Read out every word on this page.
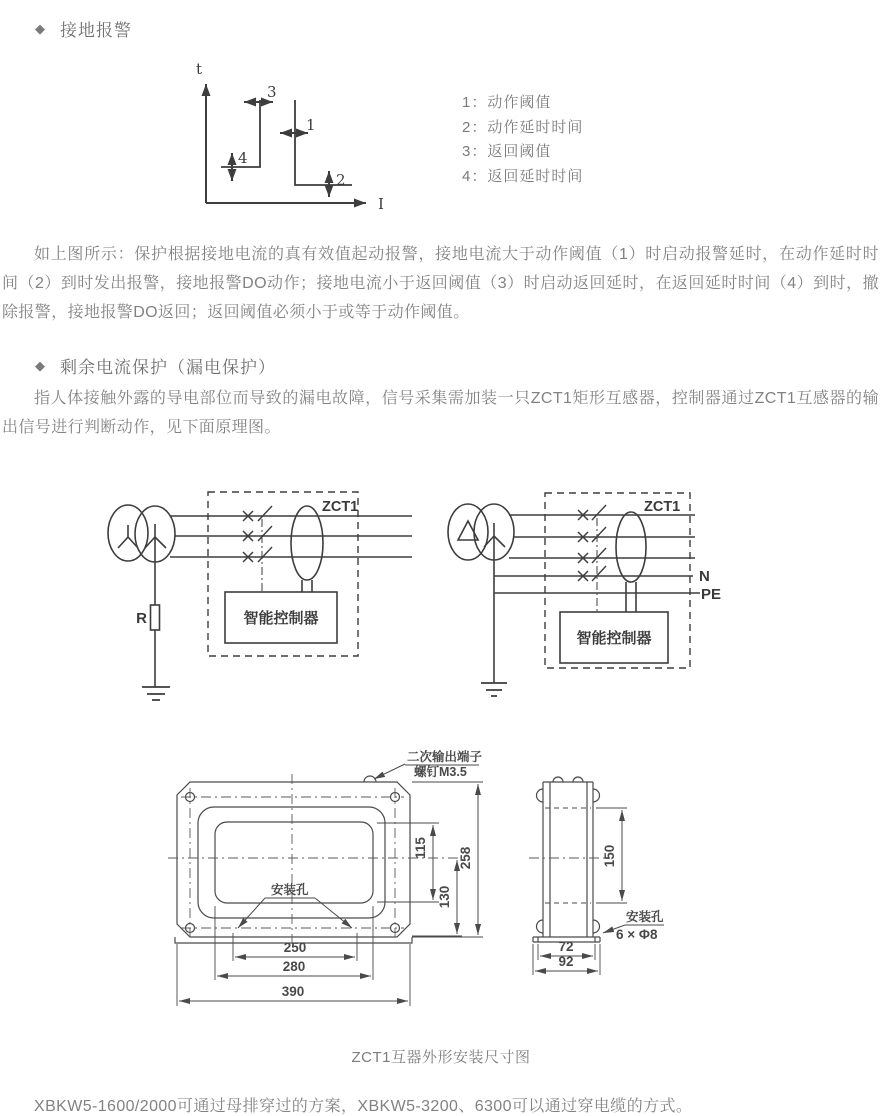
◆ 接地报警
1：动作阈值
2：动作延时时间
3：返回阈值
4：返回延时时间
如上图所示：保护根据接地电流的真有效值起动报警，接地电流大于动作阈值（1）时启动报警延时，在动作延时时间（2）到时发出报警，接地报警DO动作；接地电流小于返回阈值（3）时启动返回延时，在返回延时时间（4）到时，撤除报警，接地报警DO返回；返回阈值必须小于或等于动作阈值。
◆ 剩余电流保护（漏电保护）
指人体接触外露的导电部位而导致的漏电故障，信号采集需加装一只ZCT1矩形互感器，控制器通过ZCT1互感器的输出信号进行判断动作，见下面原理图。
ZCT1互器外形安装尺寸图
XBKW5-1600/2000可通过母排穿过的方案，XBKW5-3200、6300可以通过穿电缆的方式。
t
I
3
1
4
2
ZCT1
智能控制器
R
ZCT1
智能控制器
N
PE
二次输出端子
螺钉M3.5
安装孔
115
130
258
250
280
390
150
安装孔
6 × Φ8
72
92
